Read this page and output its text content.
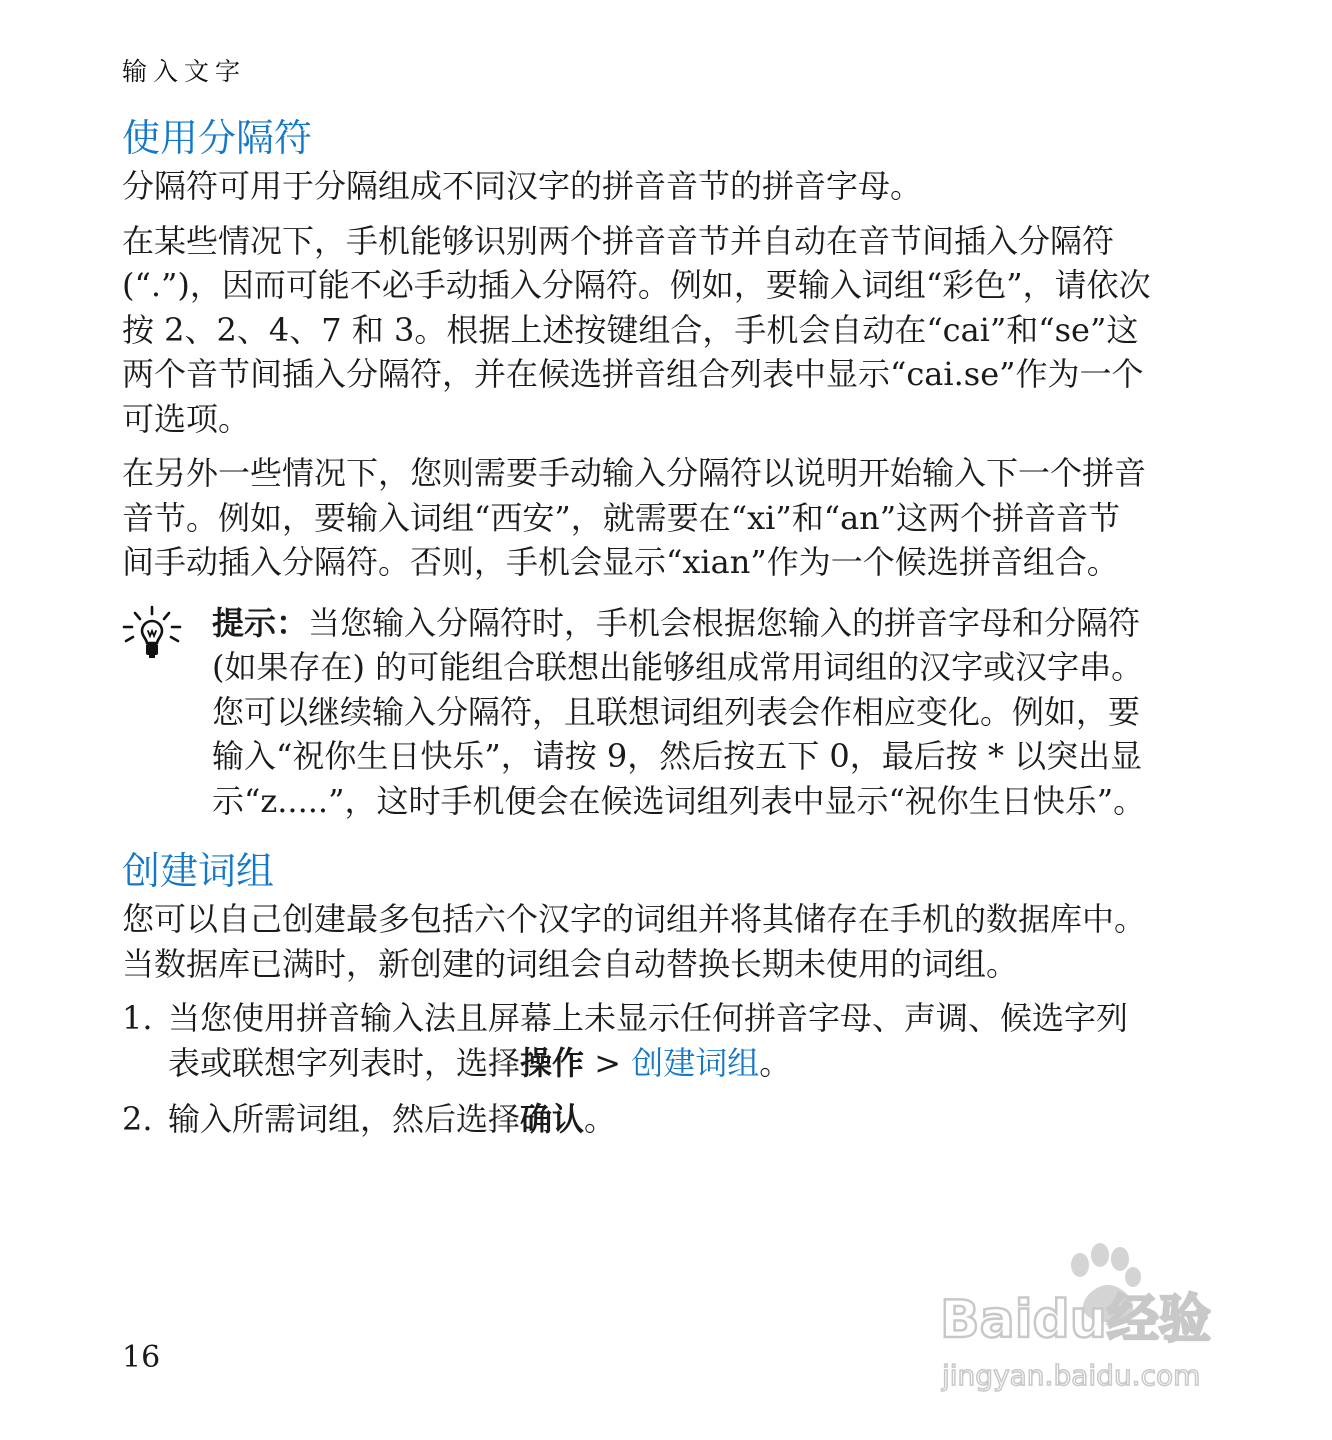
输入文字
使用分隔符

分隔符可用于分隔组成不同汉字的拼音音节的拼音字母。

在某些情况下，手机能够识别两个拼音音节并自动在音节间插入分隔符 (“.”)，因而可能不必手动插入分隔符。例如，要输入词组“彩色”，请依次按 2、2、4、7 和 3。根据上述按键组合，手机会自动在“cai”和“se”这两个音节间插入分隔符，并在候选拼音组合列表中显示“cai.se”作为一个可选项。

在另外一些情况下，您则需要手动输入分隔符以说明开始输入下一个拼音音节。例如，要输入词组“西安”，就需要在“xi”和“an”这两个拼音音节间手动插入分隔符。否则，手机会显示“xian”作为一个候选拼音组合。

提示：当您输入分隔符时，手机会根据您输入的拼音字母和分隔符 (如果存在) 的可能组合联想出能够组成常用词组的汉字或汉字串。您可以继续输入分隔符，且联想词组列表会作相应变化。例如，要输入“祝你生日快乐”，请按 9，然后按五下 0，最后按 * 以突出显示“z.....”，这时手机便会在候选词组列表中显示“祝你生日快乐”。

创建词组

您可以自己创建最多包括六个汉字的词组并将其储存在手机的数据库中。当数据库已满时，新创建的词组会自动替换长期未使用的词组。

1. 当您使用拼音输入法且屏幕上未显示任何拼音字母、声调、候选字列表或联想字列表时，选择操作 > 创建词组。
2. 输入所需词组，然后选择确认。
16
Baidu经验
jingyan.baidu.com
